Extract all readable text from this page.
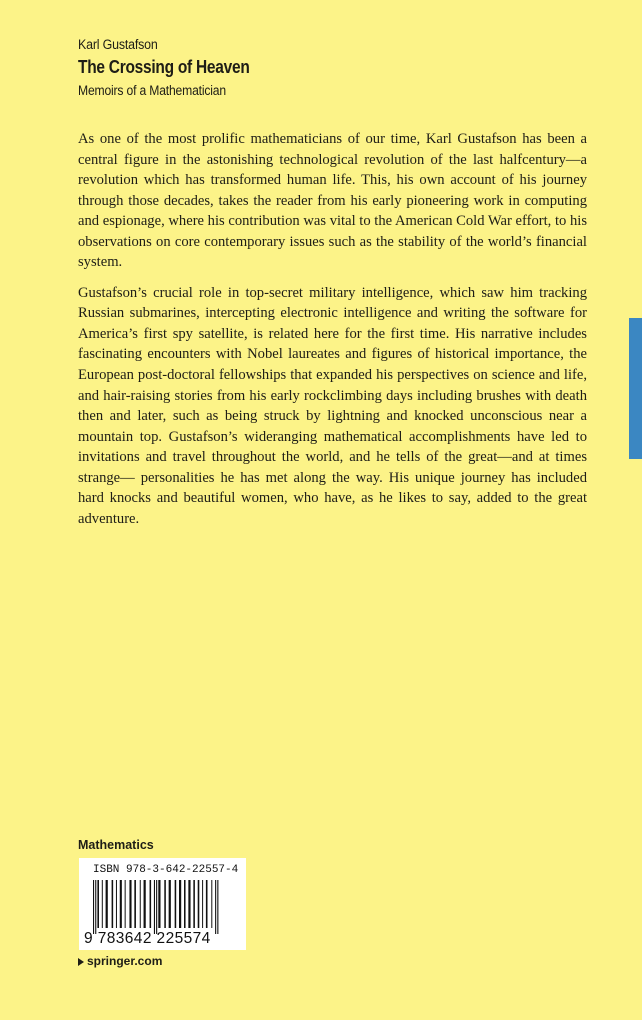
Karl Gustafson
The Crossing of Heaven
Memoirs of a Mathematician

As one of the most prolific mathematicians of our time, Karl Gustafson has been a central figure in the astonishing technological revolution of the last halfcentury—a revolution which has transformed human life. This, his own account of his journey through those decades, takes the reader from his early pioneering work in computing and espionage, where his contribution was vital to the American Cold War effort, to his observations on core contemporary issues such as the stability of the world’s financial system.

Gustafson’s crucial role in top-secret military intelligence, which saw him tracking Russian submarines, intercepting electronic intelligence and writing the software for America’s first spy satellite, is related here for the first time. His narrative includes fascinating encounters with Nobel laureates and figures of historical importance, the European post-doctoral fellowships that expanded his perspectives on science and life, and hair-raising stories from his early rockclimbing days including brushes with death then and later, such as being struck by lightning and knocked unconscious near a mountain top. Gustafson’s wideranging mathematical accomplishments have led to invitations and travel throughout the world, and he tells of the great—and at times strange— personalities he has met along the way. His unique journey has included hard knocks and beautiful women, who have, as he likes to say, added to the great adventure.

Mathematics
ISBN 978-3-642-22557-4
9 783642 225574
springer.com
